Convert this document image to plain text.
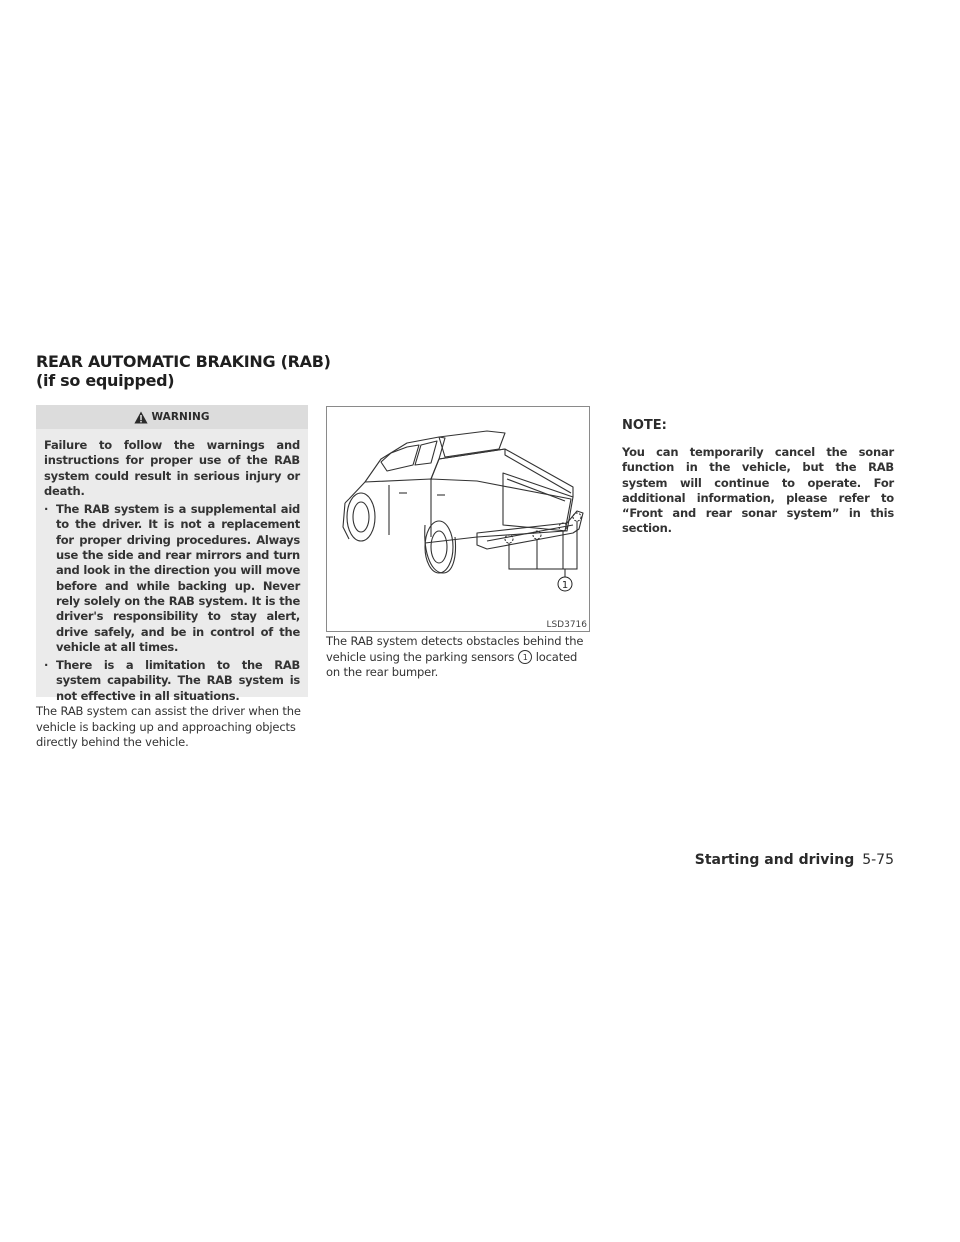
REAR AUTOMATIC BRAKING (RAB) (if so equipped)
WARNING

Failure to follow the warnings and instructions for proper use of the RAB system could result in serious injury or death.

· The RAB system is a supplemental aid to the driver. It is not a replacement for proper driving procedures. Always use the side and rear mirrors and turn and look in the direction you will move before and while backing up. Never rely solely on the RAB system. It is the driver's responsibility to stay alert, drive safely, and be in control of the vehicle at all times.
· There is a limitation to the RAB system capability. The RAB system is not effective in all situations.

The RAB system can assist the driver when the vehicle is backing up and approaching objects directly behind the vehicle.

1
LSD3716

The RAB system detects obstacles behind the vehicle using the parking sensors 1 located on the rear bumper.

NOTE:

You can temporarily cancel the sonar function in the vehicle, but the RAB system will continue to operate. For additional information, please refer to “Front and rear sonar system” in this section.

Starting and driving 5-75
